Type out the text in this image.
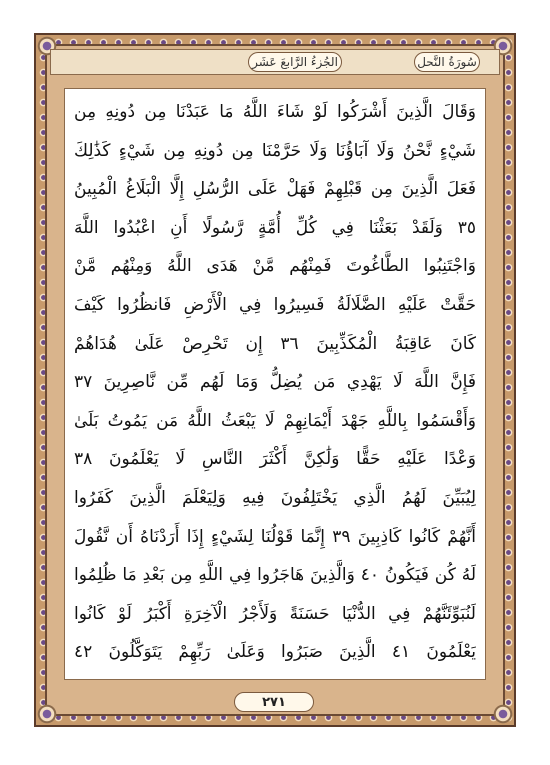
الجُزءُ الرَّابعَ عَشَر	سُورَةُ النَّحل
وَقَالَ الَّذِينَ أَشْرَكُوا لَوْ شَاءَ اللَّهُ مَا عَبَدْنَا مِن دُونِهِ مِن
شَيْءٍ نَّحْنُ وَلَا آبَاؤُنَا وَلَا حَرَّمْنَا مِن دُونِهِ مِن شَيْءٍ كَذَٰلِكَ
فَعَلَ الَّذِينَ مِن قَبْلِهِمْ فَهَلْ عَلَى الرُّسُلِ إِلَّا الْبَلَاغُ الْمُبِينُ
٣٥ وَلَقَدْ بَعَثْنَا فِي كُلِّ أُمَّةٍ رَّسُولًا أَنِ اعْبُدُوا اللَّهَ
وَاجْتَنِبُوا الطَّاغُوتَ فَمِنْهُم مَّنْ هَدَى اللَّهُ وَمِنْهُم مَّنْ
حَقَّتْ عَلَيْهِ الضَّلَالَةُ فَسِيرُوا فِي الْأَرْضِ فَانظُرُوا كَيْفَ
كَانَ عَاقِبَةُ الْمُكَذِّبِينَ ٣٦ إِن تَحْرِصْ عَلَىٰ هُدَاهُمْ
فَإِنَّ اللَّهَ لَا يَهْدِي مَن يُضِلُّ وَمَا لَهُم مِّن نَّاصِرِينَ ٣٧
وَأَقْسَمُوا بِاللَّهِ جَهْدَ أَيْمَانِهِمْ لَا يَبْعَثُ اللَّهُ مَن يَمُوتُ بَلَىٰ
وَعْدًا عَلَيْهِ حَقًّا وَلَٰكِنَّ أَكْثَرَ النَّاسِ لَا يَعْلَمُونَ ٣٨
لِيُبَيِّنَ لَهُمُ الَّذِي يَخْتَلِفُونَ فِيهِ وَلِيَعْلَمَ الَّذِينَ كَفَرُوا
أَنَّهُمْ كَانُوا كَاذِبِينَ ٣٩ إِنَّمَا قَوْلُنَا لِشَيْءٍ إِذَا أَرَدْنَاهُ أَن نَّقُولَ
لَهُ كُن فَيَكُونُ ٤٠ وَالَّذِينَ هَاجَرُوا فِي اللَّهِ مِن بَعْدِ مَا ظُلِمُوا
لَنُبَوِّئَنَّهُمْ فِي الدُّنْيَا حَسَنَةً وَلَأَجْرُ الْآخِرَةِ أَكْبَرُ لَوْ كَانُوا
يَعْلَمُونَ ٤١ الَّذِينَ صَبَرُوا وَعَلَىٰ رَبِّهِمْ يَتَوَكَّلُونَ ٤٢
٢٧١
